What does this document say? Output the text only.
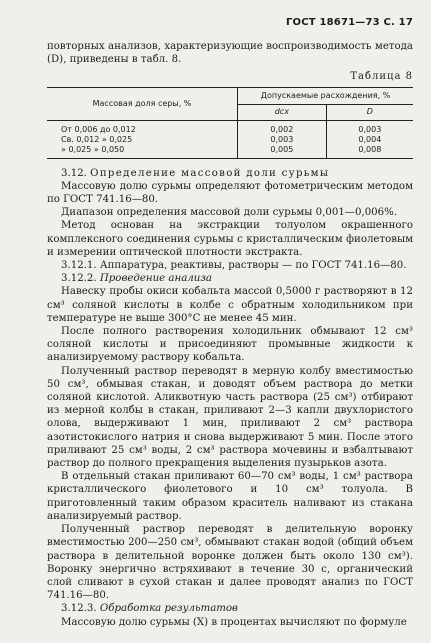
ГОСТ 18671—73 С. 17

повторных анализов, характеризующие воспроизводимость метода (D), приведены в табл. 8.

Таблица 8
Массовая доля серы, %	Допускаемые расхождения, %	
	dсх	D
От 0,006 до 0,012	0,002	0,003
Св. 0,012 » 0,025	0,003	0,004
» 0,025 » 0,050	0,005	0,008

3.12. Определение массовой доли сурьмы

Массовую долю сурьмы определяют фотометрическим методом по ГОСТ 741.16—80.

Диапазон определения массовой доли сурьмы 0,001—0,006%.

Метод основан на экстракции толуолом окрашенного комплексного соединения сурьмы с кристаллическим фиолетовым и измерении оптической плотности экстракта.

3.12.1. Аппаратура, реактивы, растворы — по ГОСТ 741.16—80.

3.12.2. Проведение анализа

Навеску пробы окиси кобальта массой 0,5000 г растворяют в 12 см³ соляной кислоты в колбе с обратным холодильником при температуре не выше 300°С не менее 45 мин.

После полного растворения холодильник обмывают 12 см³ соляной кислоты и присоединяют промывные жидкости к анализируемому раствору кобальта.

Полученный раствор переводят в мерную колбу вместимостью 50 см³, обмывая стакан, и доводят объем раствора до метки соляной кислотой. Аликвотную часть раствора (25 см³) отбирают из мерной колбы в стакан, приливают 2—3 капли двухлористого олова, выдерживают 1 мин, приливают 2 см³ раствора азотистокислого натрия и снова выдерживают 5 мин. После этого приливают 25 см³ воды, 2 см³ раствора мочевины и взбалтывают раствор до полного прекращения выделения пузырьков азота.

В отдельный стакан приливают 60—70 см³ воды, 1 см³ раствора кристаллического фиолетового и 10 см³ толуола. В приготовленный таким образом краситель наливают из стакана анализируемый раствор.

Полученный раствор переводят в делительную воронку вместимостью 200—250 см³, обмывают стакан водой (общий объем раствора в делительной воронке должен быть около 130 см³). Воронку энергично встряхивают в течение 30 с, органический слой сливают в сухой стакан и далее проводят анализ по ГОСТ 741.16—80.

3.12.3. Обработка результатов

Массовую долю сурьмы (X) в процентах вычисляют по формуле
